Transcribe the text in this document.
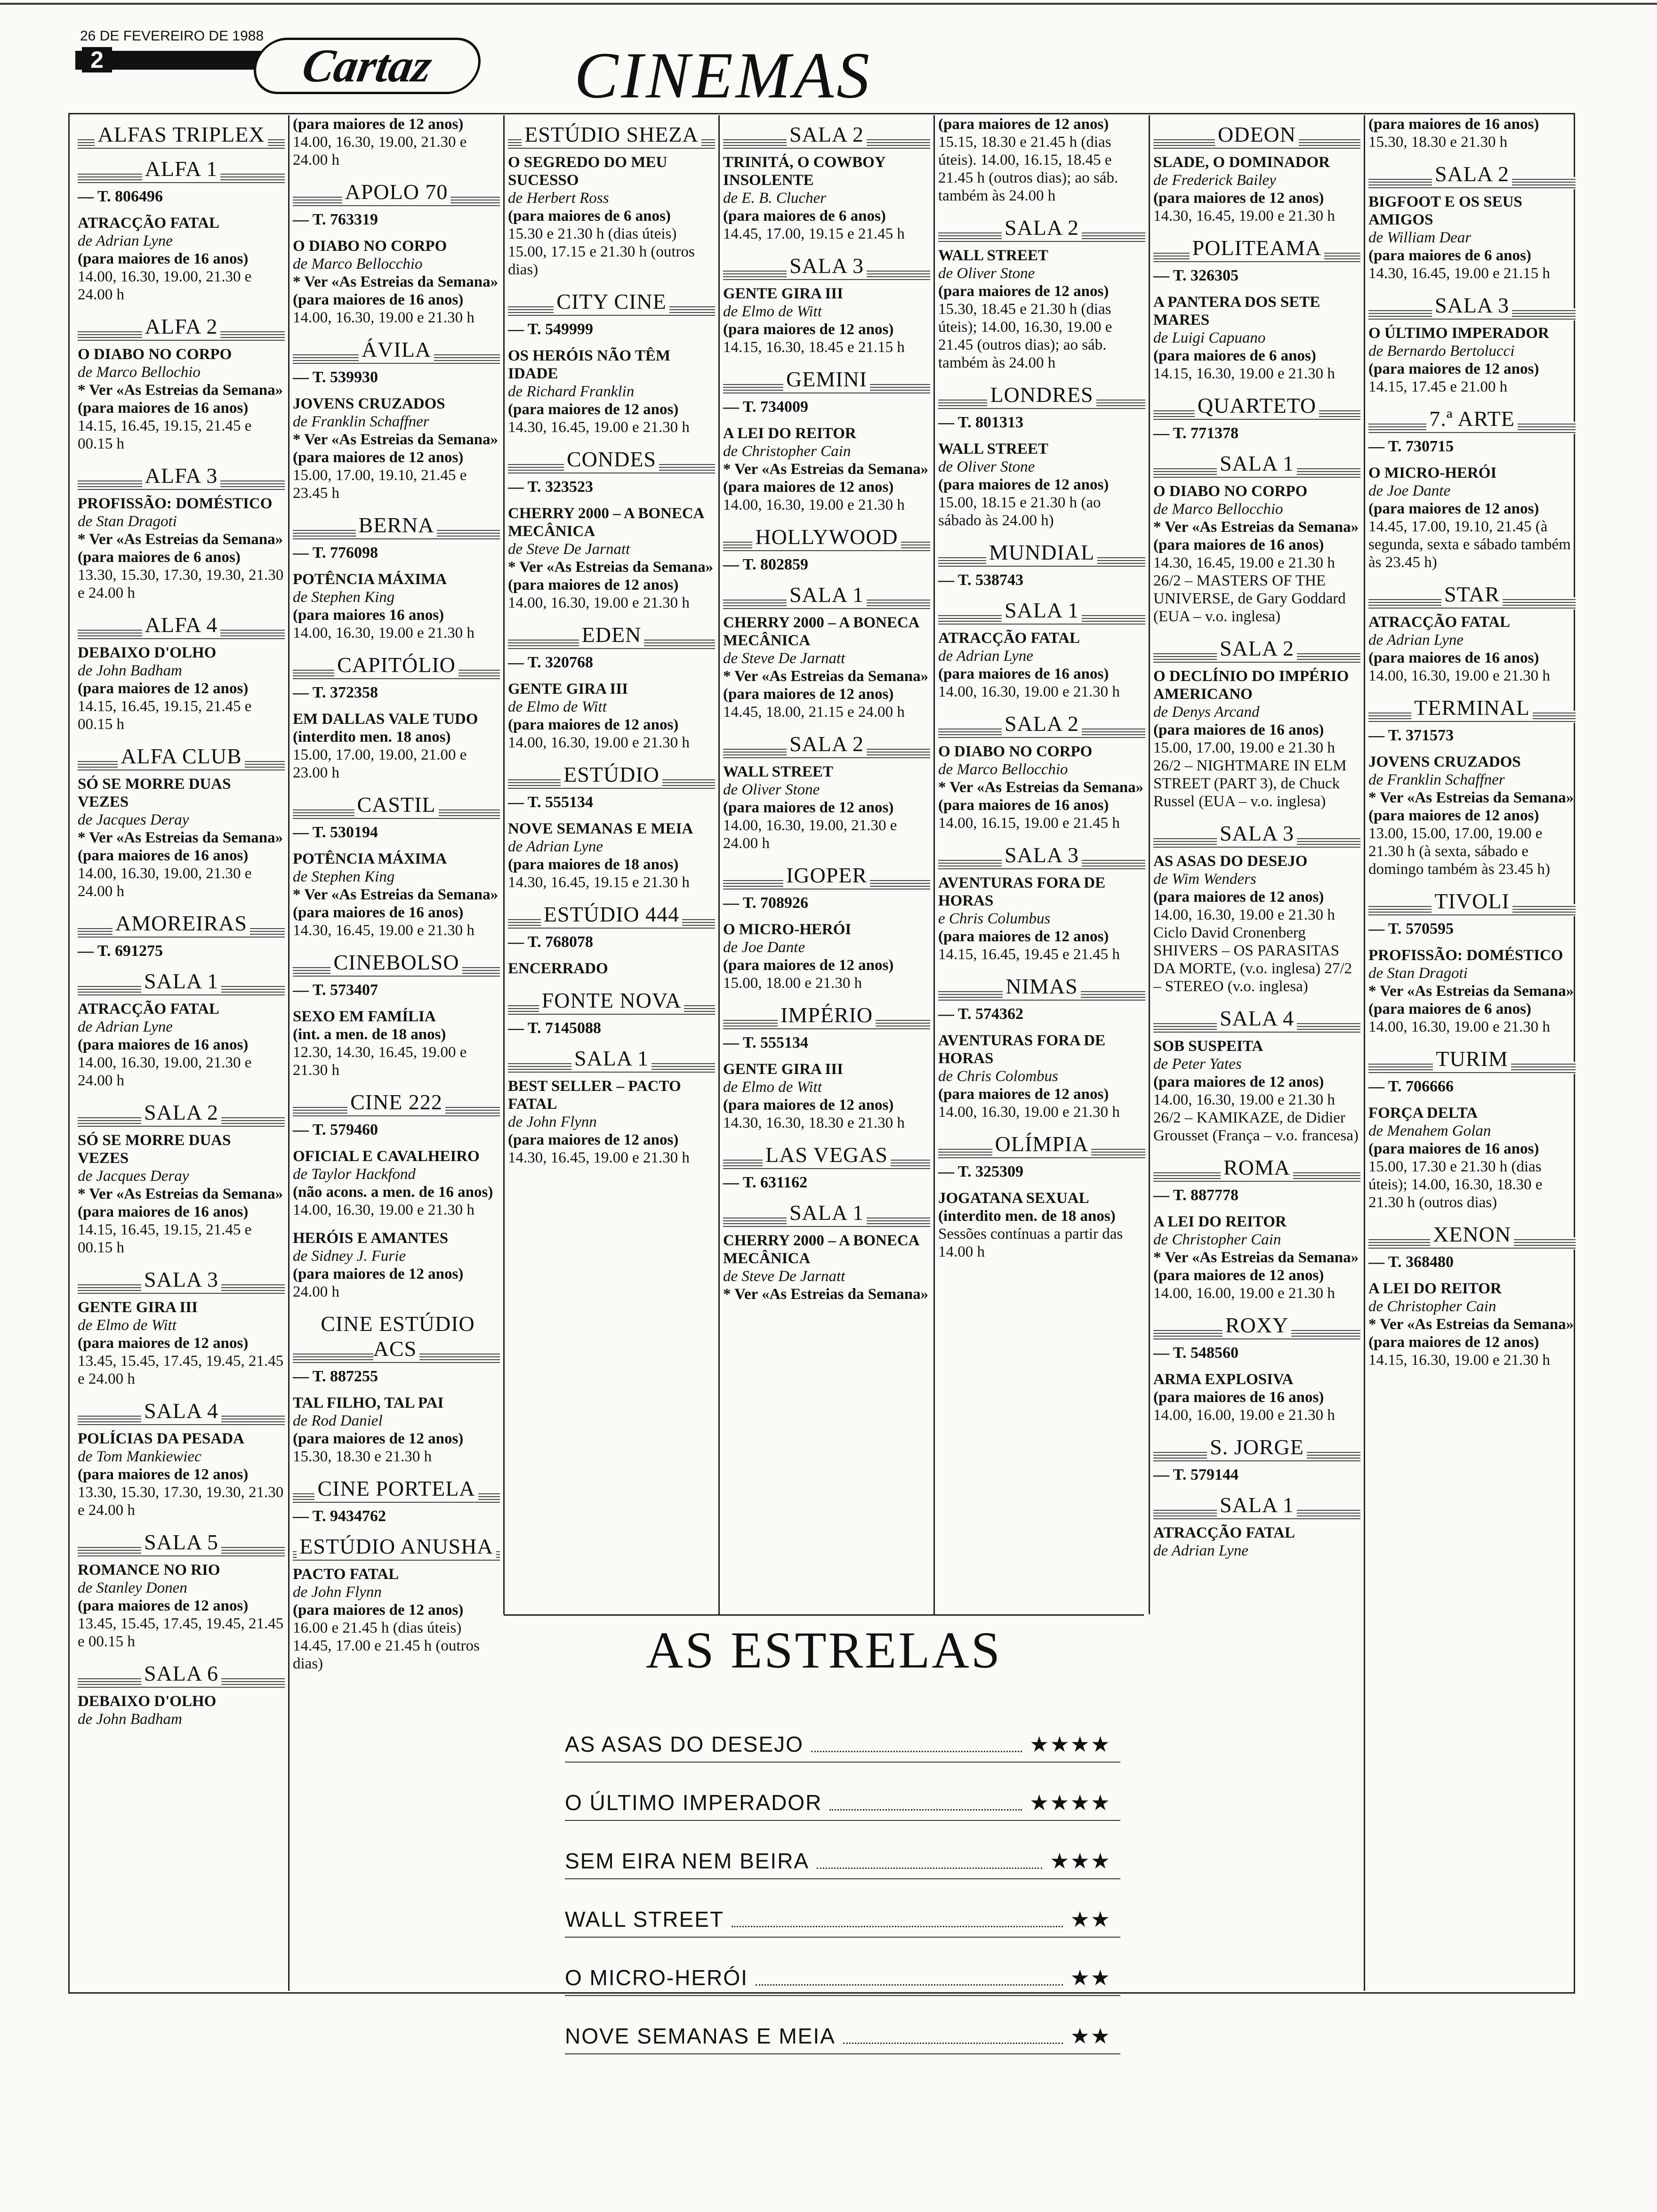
26 DE FEVEREIRO DE 1988
2	Cartaz	CINEMAS
ALFAS TRIPLEX
ALFA 1
— T. 806496
ATRACÇÃO FATAL
de Adrian Lyne
(para maiores de 16 anos)
14.00, 16.30, 19.00, 21.30 e 24.00 h
ALFA 2
O DIABO NO CORPO
de Marco Bellochio
* Ver «As Estreias da Semana» (para maiores de 16 anos)
14.15, 16.45, 19.15, 21.45 e 00.15 h
ALFA 3
PROFISSÃO: DOMÉSTICO
de Stan Dragoti
* Ver «As Estreias da Semana» (para maiores de 6 anos)
13.30, 15.30, 17.30, 19.30, 21.30 e 24.00 h
ALFA 4
DEBAIXO D'OLHO
de John Badham
(para maiores de 12 anos)
14.15, 16.45, 19.15, 21.45 e 00.15 h
ALFA CLUB
SÓ SE MORRE DUAS VEZES
de Jacques Deray
* Ver «As Estreias da Semana» (para maiores de 16 anos)
14.00, 16.30, 19.00, 21.30 e 24.00 h
AMOREIRAS
— T. 691275
SALA 1
ATRACÇÃO FATAL
de Adrian Lyne
(para maiores de 16 anos)
14.00, 16.30, 19.00, 21.30 e 24.00 h
SALA 2
SÓ SE MORRE DUAS VEZES
de Jacques Deray
* Ver «As Estreias da Semana» (para maiores de 16 anos)
14.15, 16.45, 19.15, 21.45 e 00.15 h
SALA 3
GENTE GIRA III
de Elmo de Witt
(para maiores de 12 anos)
13.45, 15.45, 17.45, 19.45, 21.45 e 24.00 h
SALA 4
POLÍCIAS DA PESADA
de Tom Mankiewiec
(para maiores de 12 anos)
13.30, 15.30, 17.30, 19.30, 21.30 e 24.00 h
SALA 5
ROMANCE NO RIO
de Stanley Donen
(para maiores de 12 anos)
13.45, 15.45, 17.45, 19.45, 21.45 e 00.15 h
SALA 6
DEBAIXO D'OLHO
de John Badham
(para maiores de 12 anos)
14.00, 16.30, 19.00, 21.30 e 24.00 h
APOLO 70
— T. 763319
O DIABO NO CORPO
de Marco Bellocchio
* Ver «As Estreias da Semana» (para maiores de 16 anos)
14.00, 16.30, 19.00 e 21.30 h
ÁVILA
— T. 539930
JOVENS CRUZADOS
de Franklin Schaffner
* Ver «As Estreias da Semana» (para maiores de 12 anos)
15.00, 17.00, 19.10, 21.45 e 23.45 h
BERNA
— T. 776098
POTÊNCIA MÁXIMA
de Stephen King
(para maiores 16 anos)
14.00, 16.30, 19.00 e 21.30 h
CAPITÓLIO
— T. 372358
EM DALLAS VALE TUDO
(interdito men. 18 anos)
15.00, 17.00, 19.00, 21.00 e 23.00 h
CASTIL
— T. 530194
POTÊNCIA MÁXIMA
de Stephen King
* Ver «As Estreias da Semana» (para maiores de 16 anos)
14.30, 16.45, 19.00 e 21.30 h
CINEBOLSO
— T. 573407
SEXO EM FAMÍLIA
(int. a men. de 18 anos)
12.30, 14.30, 16.45, 19.00 e 21.30 h
CINE 222
— T. 579460
OFICIAL E CAVALHEIRO
de Taylor Hackfond
(não acons. a men. de 16 anos)
14.00, 16.30, 19.00 e 21.30 h
HERÓIS E AMANTES
de Sidney J. Furie
(para maiores de 12 anos)
24.00 h
CINE ESTÚDIO ACS
— T. 887255
TAL FILHO, TAL PAI
de Rod Daniel
(para maiores de 12 anos)
15.30, 18.30 e 21.30 h
CINE PORTELA
— T. 9434762
ESTÚDIO ANUSHA
PACTO FATAL
de John Flynn
(para maiores de 12 anos)
16.00 e 21.45 h (dias úteis) 14.45, 17.00 e 21.45 h (outros dias)
ESTÚDIO SHEZA
O SEGREDO DO MEU SUCESSO
de Herbert Ross
(para maiores de 6 anos)
15.30 e 21.30 h (dias úteis) 15.00, 17.15 e 21.30 h (outros dias)
CITY CINE
— T. 549999
OS HERÓIS NÃO TÊM IDADE
de Richard Franklin
(para maiores de 12 anos)
14.30, 16.45, 19.00 e 21.30 h
CONDES
— T. 323523
CHERRY 2000 – A BONECA MECÂNICA
de Steve De Jarnatt
* Ver «As Estreias da Semana» (para maiores de 12 anos)
14.00, 16.30, 19.00 e 21.30 h
EDEN
— T. 320768
GENTE GIRA III
de Elmo de Witt
(para maiores de 12 anos)
14.00, 16.30, 19.00 e 21.30 h
ESTÚDIO
— T. 555134
NOVE SEMANAS E MEIA
de Adrian Lyne
(para maiores de 18 anos)
14.30, 16.45, 19.15 e 21.30 h
ESTÚDIO 444
— T. 768078
ENCERRADO
FONTE NOVA
— T. 7145088
SALA 1
BEST SELLER – PACTO FATAL
de John Flynn
(para maiores de 12 anos)
14.30, 16.45, 19.00 e 21.30 h
SALA 2
TRINITÁ, O COWBOY INSOLENTE
de E. B. Clucher
(para maiores de 6 anos)
14.45, 17.00, 19.15 e 21.45 h
SALA 3
GENTE GIRA III
de Elmo de Witt
(para maiores de 12 anos)
14.15, 16.30, 18.45 e 21.15 h
GEMINI
— T. 734009
A LEI DO REITOR
de Christopher Cain
* Ver «As Estreias da Semana» (para maiores de 12 anos)
14.00, 16.30, 19.00 e 21.30 h
HOLLYWOOD
— T. 802859
SALA 1
CHERRY 2000 – A BONECA MECÂNICA
de Steve De Jarnatt
* Ver «As Estreias da Semana» (para maiores de 12 anos)
14.45, 18.00, 21.15 e 24.00 h
SALA 2
WALL STREET
de Oliver Stone
(para maiores de 12 anos)
14.00, 16.30, 19.00, 21.30 e 24.00 h
IGOPER
— T. 708926
O MICRO-HERÓI
de Joe Dante
(para maiores de 12 anos)
15.00, 18.00 e 21.30 h
IMPÉRIO
— T. 555134
GENTE GIRA III
de Elmo de Witt
(para maiores de 12 anos)
14.30, 16.30, 18.30 e 21.30 h
LAS VEGAS
— T. 631162
SALA 1
CHERRY 2000 – A BONECA MECÂNICA
de Steve De Jarnatt
* Ver «As Estreias da Semana»
(para maiores de 12 anos)
15.15, 18.30 e 21.45 h (dias úteis). 14.00, 16.15, 18.45 e 21.45 h (outros dias); ao sáb. também às 24.00 h
SALA 2
WALL STREET
de Oliver Stone
(para maiores de 12 anos)
15.30, 18.45 e 21.30 h (dias úteis); 14.00, 16.30, 19.00 e 21.45 (outros dias); ao sáb. também às 24.00 h
LONDRES
— T. 801313
WALL STREET
de Oliver Stone
(para maiores de 12 anos)
15.00, 18.15 e 21.30 h (ao sábado às 24.00 h)
MUNDIAL
— T. 538743
SALA 1
ATRACÇÃO FATAL
de Adrian Lyne
(para maiores de 16 anos)
14.00, 16.30, 19.00 e 21.30 h
SALA 2
O DIABO NO CORPO
de Marco Bellocchio
* Ver «As Estreias da Semana» (para maiores de 16 anos)
14.00, 16.15, 19.00 e 21.45 h
SALA 3
AVENTURAS FORA DE HORAS
e Chris Columbus
(para maiores de 12 anos)
14.15, 16.45, 19.45 e 21.45 h
NIMAS
— T. 574362
AVENTURAS FORA DE HORAS
de Chris Colombus
(para maiores de 12 anos)
14.00, 16.30, 19.00 e 21.30 h
OLÍMPIA
— T. 325309
JOGATANA SEXUAL
(interdito men. de 18 anos)
Sessões contínuas a partir das 14.00 h
ODEON
SLADE, O DOMINADOR
de Frederick Bailey
(para maiores de 12 anos)
14.30, 16.45, 19.00 e 21.30 h
POLITEAMA
— T. 326305
A PANTERA DOS SETE MARES
de Luigi Capuano
(para maiores de 6 anos)
14.15, 16.30, 19.00 e 21.30 h
QUARTETO
— T. 771378
SALA 1
O DIABO NO CORPO
de Marco Bellocchio
* Ver «As Estreias da Semana» (para maiores de 16 anos)
14.30, 16.45, 19.00 e 21.30 h 26/2 – MASTERS OF THE UNIVERSE, de Gary Goddard (EUA – v.o. inglesa)
SALA 2
O DECLÍNIO DO IMPÉRIO AMERICANO
de Denys Arcand
(para maiores de 16 anos)
15.00, 17.00, 19.00 e 21.30 h 26/2 – NIGHTMARE IN ELM STREET (PART 3), de Chuck Russel (EUA – v.o. inglesa)
SALA 3
AS ASAS DO DESEJO
de Wim Wenders
(para maiores de 12 anos)
14.00, 16.30, 19.00 e 21.30 h Ciclo David Cronenberg SHIVERS – OS PARASITAS DA MORTE, (v.o. inglesa) 27/2 – STEREO (v.o. inglesa)
SALA 4
SOB SUSPEITA
de Peter Yates
(para maiores de 12 anos)
14.00, 16.30, 19.00 e 21.30 h 26/2 – KAMIKAZE, de Didier Grousset (França – v.o. francesa)
ROMA
— T. 887778
A LEI DO REITOR
de Christopher Cain
* Ver «As Estreias da Semana» (para maiores de 12 anos)
14.00, 16.00, 19.00 e 21.30 h
ROXY
— T. 548560
ARMA EXPLOSIVA
(para maiores de 16 anos)
14.00, 16.00, 19.00 e 21.30 h
S. JORGE
— T. 579144
SALA 1
ATRACÇÃO FATAL
de Adrian Lyne
(para maiores de 16 anos)
15.30, 18.30 e 21.30 h
SALA 2
BIGFOOT E OS SEUS AMIGOS
de William Dear
(para maiores de 6 anos)
14.30, 16.45, 19.00 e 21.15 h
SALA 3
O ÚLTIMO IMPERADOR
de Bernardo Bertolucci
(para maiores de 12 anos)
14.15, 17.45 e 21.00 h
7.ª ARTE
— T. 730715
O MICRO-HERÓI
de Joe Dante
(para maiores de 12 anos)
14.45, 17.00, 19.10, 21.45 (à segunda, sexta e sábado também às 23.45 h)
STAR
ATRACÇÃO FATAL
de Adrian Lyne
(para maiores de 16 anos)
14.00, 16.30, 19.00 e 21.30 h
TERMINAL
— T. 371573
JOVENS CRUZADOS
de Franklin Schaffner
* Ver «As Estreias da Semana» (para maiores de 12 anos)
13.00, 15.00, 17.00, 19.00 e 21.30 h (à sexta, sábado e domingo também às 23.45 h)
TIVOLI
— T. 570595
PROFISSÃO: DOMÉSTICO
de Stan Dragoti
* Ver «As Estreias da Semana» (para maiores de 6 anos)
14.00, 16.30, 19.00 e 21.30 h
TURIM
— T. 706666
FORÇA DELTA
de Menahem Golan
(para maiores de 16 anos)
15.00, 17.30 e 21.30 h (dias úteis); 14.00, 16.30, 18.30 e 21.30 h (outros dias)
XENON
— T. 368480
A LEI DO REITOR
de Christopher Cain
* Ver «As Estreias da Semana» (para maiores de 12 anos)
14.15, 16.30, 19.00 e 21.30 h
AS ESTRELAS
AS ASAS DO DESEJO	★★★★
O ÚLTIMO IMPERADOR	★★★★
SEM EIRA NEM BEIRA	★★★
WALL STREET	★★
O MICRO-HERÓI	★★
NOVE SEMANAS E MEIA	★★
